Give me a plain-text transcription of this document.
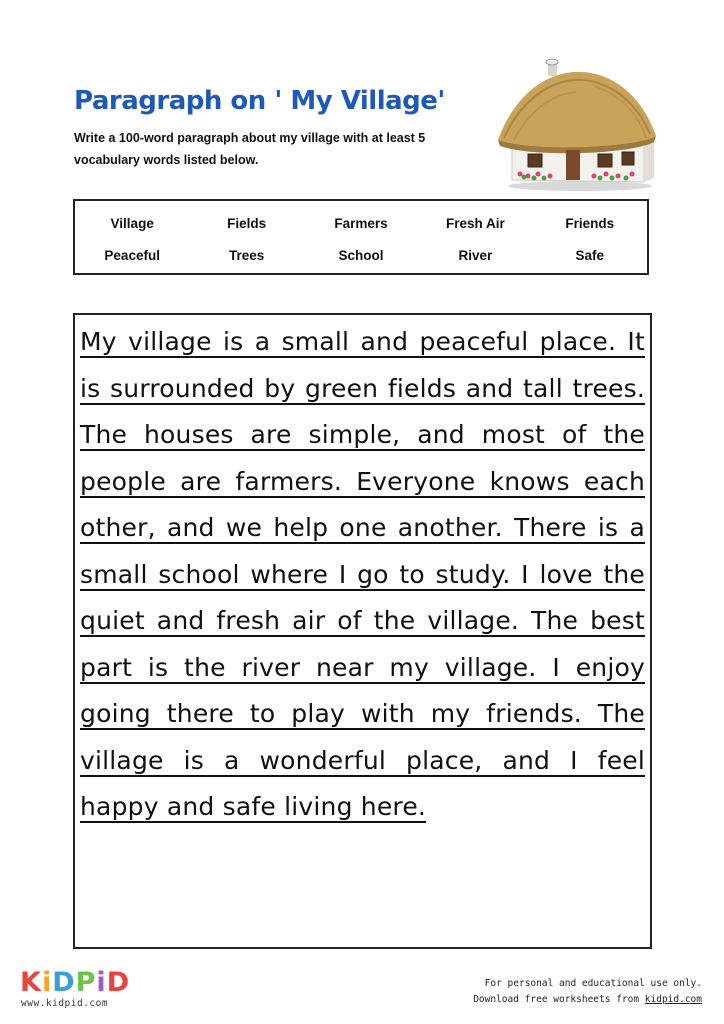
Paragraph on ' My Village'

Write a 100-word paragraph about my village with at least 5 vocabulary words listed below.

Village	Fields	Farmers	Fresh Air	Friends
Peaceful	Trees	School	River	Safe

My village is a small and peaceful place. It is surrounded by green fields and tall trees. The houses are simple, and most of the people are farmers. Everyone knows each other, and we help one another. There is a small school where I go to study. I love the quiet and fresh air of the village. The best part is the river near my village. I enjoy going there to play with my friends. The village is a wonderful place, and I feel happy and safe living here.

KiDPiD
www.kidpid.com
For personal and educational use only.
Download free worksheets from kidpid.com
